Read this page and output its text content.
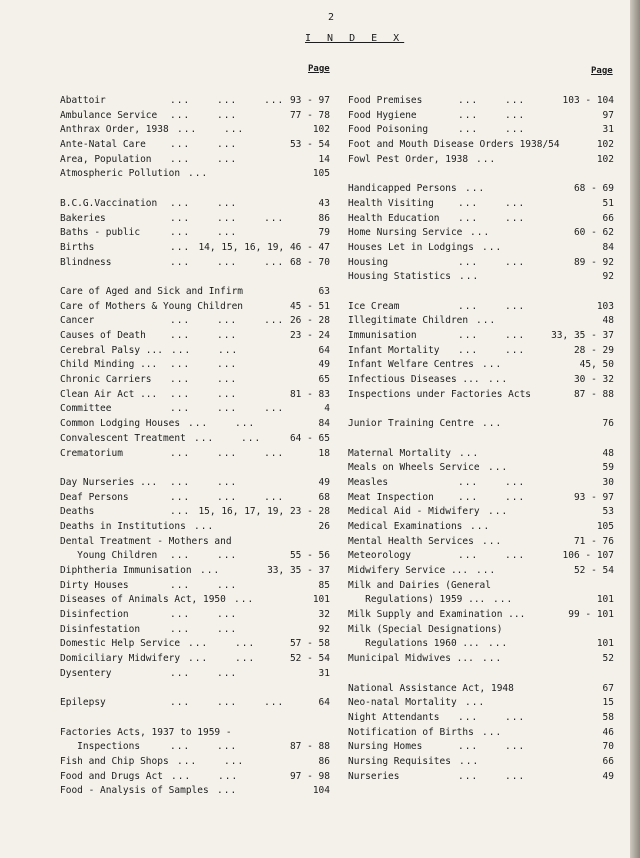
2
I N D E X
Page	Page
Abattoir	...    ...    ... 93 - 97
Ambulance Service ...    ...	77 - 78
Anthrax Order, 1938 ...    ...	102
Ante-Natal Care	...    ...	53 - 54
Area, Population ...    ...	14
Atmospheric Pollution ...	105
B.C.G.Vaccination ...    ...	43
Bakeries	...    ...    ...	86
Baths - public	...    ...	79
Births	... 14, 15, 16, 19, 46 - 47
Blindness	...    ...    ... 68 - 70
Care of Aged and Sick and Infirm	63
Care of Mothers & Young Children	45 - 51
Cancer	...    ...    ... 26 - 28
Causes of Death	...    ...	23 - 24
Cerebral Palsy ... ...    ...	64
Child Minding ... ...    ...	49
Chronic Carriers ...    ...	65
Clean Air Act ... ...    ...	81 - 83
Committee	...    ...    ...	4
Common Lodging Houses ...    ...	84
Convalescent Treatment ...    ...	64 - 65
Crematorium	...    ...    ...	18
Day Nurseries ... ...    ...	49
Deaf Persons	...    ...    ...	68
Deaths	... 15, 16, 17, 19, 23 - 28
Deaths in Institutions ...	26
Dental Treatment - Mothers and
Young Children ...    ...	55 - 56
Diphtheria Immunisation ...	33, 35 - 37
Dirty Houses	...    ...	85
Diseases of Animals Act, 1950 ...	101
Disinfection	...    ...	32
Disinfestation	...    ...	92
Domestic Help Service ...    ...	57 - 58
Domiciliary Midwifery ...    ...	52 - 54
Dysentery	...    ...	31
Epilepsy	...    ...    ...	64
Factories Acts, 1937 to 1959 -
Inspections	...    ...	87 - 88
Fish and Chip Shops ...    ...	86
Food and Drugs Act ...    ...	97 - 98
Food - Analysis of Samples ...	104
Food Premises	...    ...	103 - 104
Food Hygiene	...    ...	97
Food Poisoning	...    ...	31
Foot and Mouth Disease Orders 1938/54	102
Fowl Pest Order, 1938 ...	102
Handicapped Persons ...	68 - 69
Health Visiting	...    ...	51
Health Education ...    ...	66
Home Nursing Service ...	60 - 62
Houses Let in Lodgings ...	84
Housing	...    ...	89 - 92
Housing Statistics ...	92
Ice Cream	...    ...	103
Illegitimate Children ...	48
Immunisation	...    ...	33, 35 - 37
Infant Mortality ...    ...	28 - 29
Infant Welfare Centres ...	45, 50
Infectious Diseases ... ...	30 - 32
Inspections under Factories Acts	87 - 88
Junior Training Centre ...	76
Maternal Mortality ...	48
Meals on Wheels Service ...	59
Measles	...    ...	30
Meat Inspection	...    ...	93 - 97
Medical Aid - Midwifery ...	53
Medical Examinations ...	105
Mental Health Services ...	71 - 76
Meteorology	...    ...	106 - 107
Midwifery Service ... ...	52 - 54
Milk and Dairies (General
Regulations) 1959 ... ...	101
Milk Supply and Examination ...	99 - 101
Milk (Special Designations)
Regulations 1960 ... ...	101
Municipal Midwives ... ...	52
National Assistance Act, 1948	67
Neo-natal Mortality ...	15
Night Attendants ...    ...	58
Notification of Births ...	46
Nursing Homes	...    ...	70
Nursing Requisites ...	66
Nurseries	...    ...	49
